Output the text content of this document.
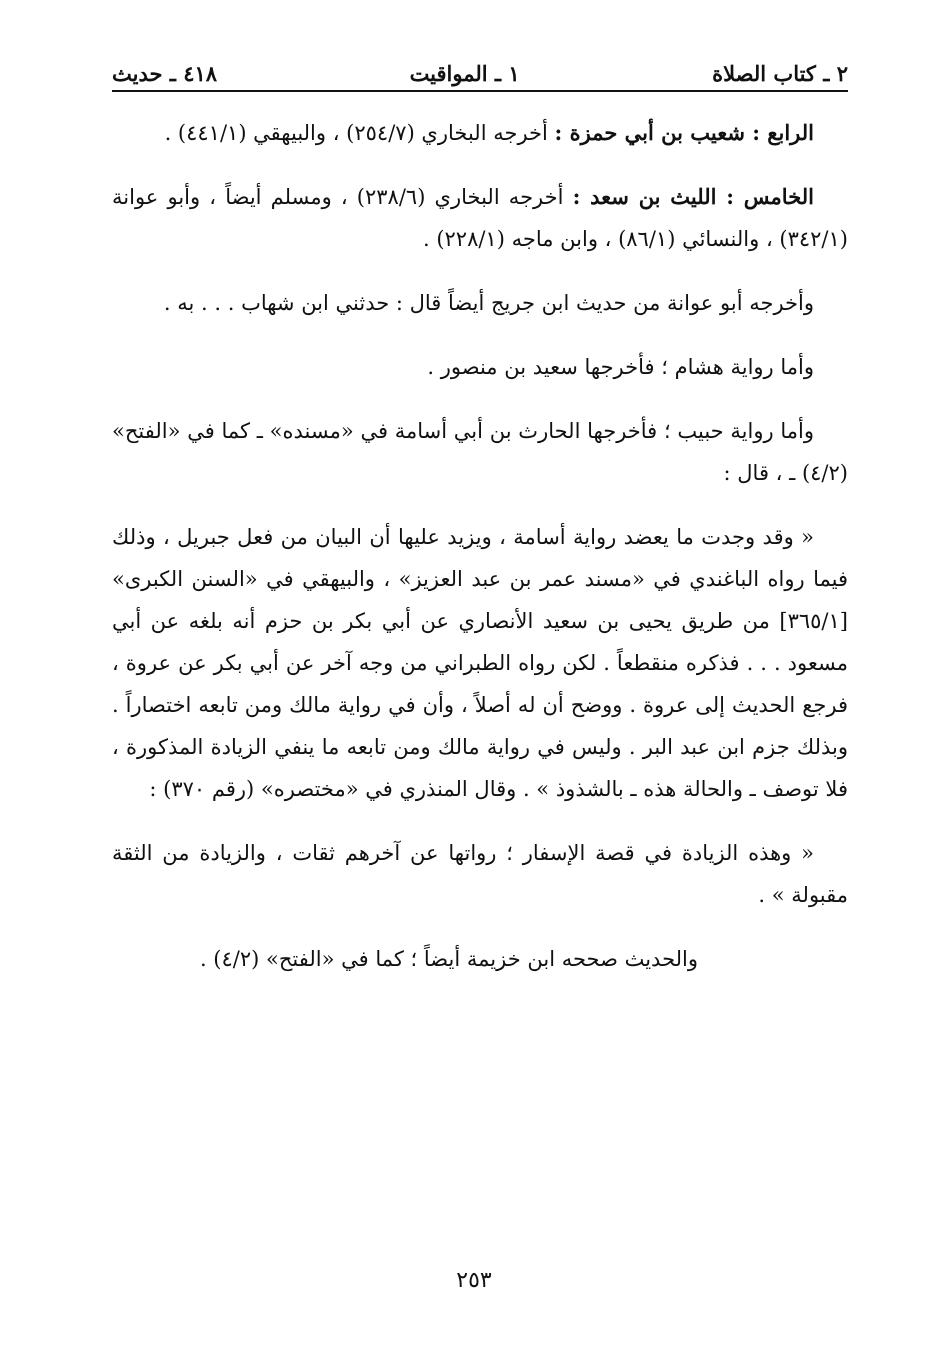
٢ ـ كتاب الصلاة
١ ـ المواقيت
٤١٨ ـ حديث

الرابع : شعيب بن أبي حمزة : أخرجه البخاري (٢٥٤/٧) ، والبيهقي (٤٤١/١) .

الخامس : الليث بن سعد : أخرجه البخاري (٢٣٨/٦) ، ومسلم أيضاً ، وأبو عوانة (٣٤٢/١) ، والنسائي (٨٦/١) ، وابن ماجه (٢٢٨/١) .

وأخرجه أبو عوانة من حديث ابن جريج أيضاً قال : حدثني ابن شهاب . . . به .

وأما رواية هشام ؛ فأخرجها سعيد بن منصور .

وأما رواية حبيب ؛ فأخرجها الحارث بن أبي أسامة في «مسنده» ـ كما في «الفتح» (٤/٢) ـ ، قال :

« وقد وجدت ما يعضد رواية أسامة ، ويزيد عليها أن البيان من فعل جبريل ، وذلك فيما رواه الباغندي في «مسند عمر بن عبد العزيز» ، والبيهقي في «السنن الكبرى» [٣٦٥/١] من طريق يحيى بن سعيد الأنصاري عن أبي بكر بن حزم أنه بلغه عن أبي مسعود . . . فذكره منقطعاً . لكن رواه الطبراني من وجه آخر عن أبي بكر عن عروة ، فرجع الحديث إلى عروة . ووضح أن له أصلاً ، وأن في رواية مالك ومن تابعه اختصاراً . وبذلك جزم ابن عبد البر . وليس في رواية مالك ومن تابعه ما ينفي الزيادة المذكورة ، فلا توصف ـ والحالة هذه ـ بالشذوذ » . وقال المنذري في «مختصره» (رقم ٣٧٠) :

« وهذه الزيادة في قصة الإسفار ؛ رواتها عن آخرهم ثقات ، والزيادة من الثقة مقبولة » .

والحديث صححه ابن خزيمة أيضاً ؛ كما في «الفتح» (٤/٢) .

٢٥٣
